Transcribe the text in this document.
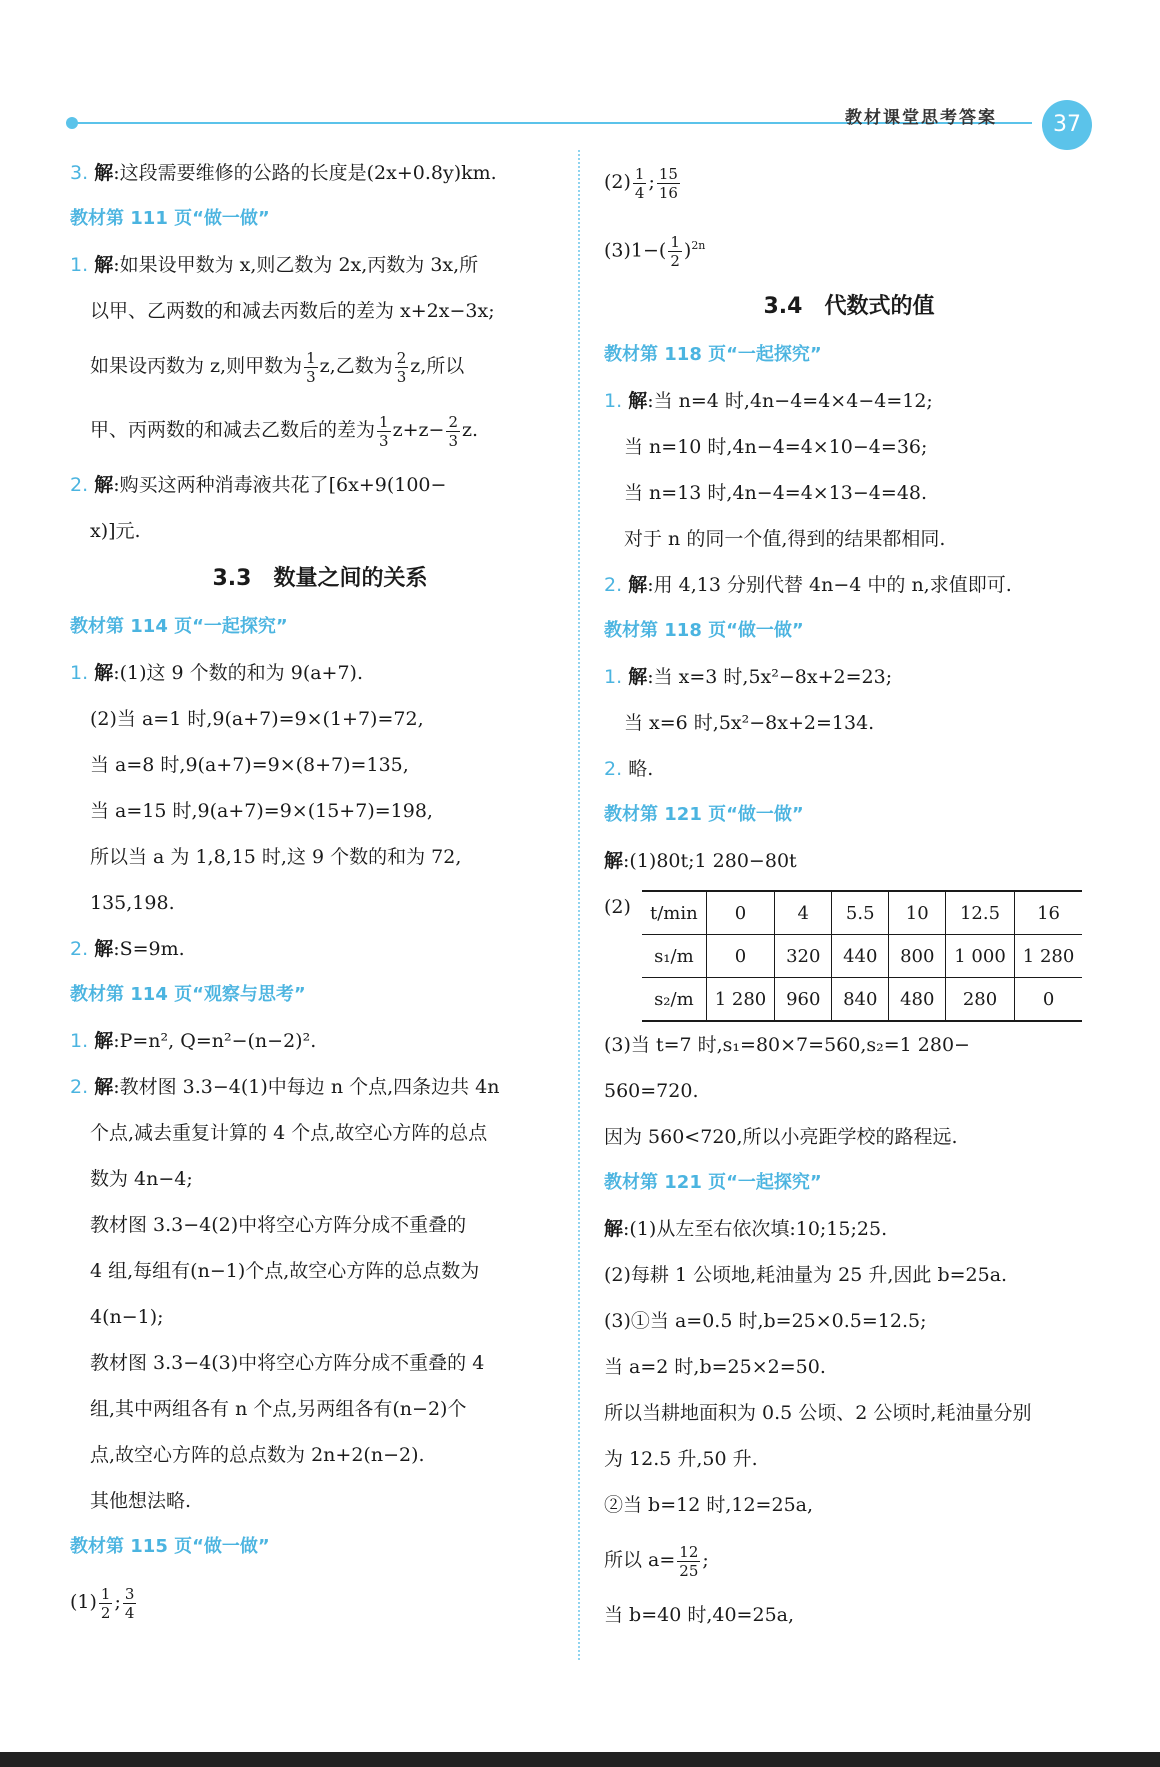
教材课堂思考答案	37
3. 解:这段需要维修的公路的长度是(2x+0.8y)km.
教材第 111 页“做一做”
1. 解:如果设甲数为 x,则乙数为 2x,丙数为 3x,所
以甲、乙两数的和减去丙数后的差为 x+2x−3x;
如果设丙数为 z,则甲数为 $\frac{1}{3} z$,乙数为 $\frac{2}{3} z$,所以
甲、丙两数的和减去乙数后的差为 $\frac{1}{3} z+z- \frac{2}{3} z$.
2. 解:购买这两种消毒液共花了[6x+9(100−
x)]元.
3.3　数量之间的关系
教材第 114 页“一起探究”
1. 解:(1)这 9 个数的和为 9(a+7).
(2)当 a=1 时,9(a+7)=9×(1+7)=72,
当 a=8 时,9(a+7)=9×(8+7)=135,
当 a=15 时,9(a+7)=9×(15+7)=198,
所以当 a 为 1,8,15 时,这 9 个数的和为 72,
135,198.
2. 解:S=9m.
教材第 114 页“观察与思考”
1. 解:P=n², Q=n²−(n−2)².
2. 解:教材图 3.3−4(1)中每边 n 个点,四条边共 4n
个点,减去重复计算的 4 个点,故空心方阵的总点
数为 4n−4;
教材图 3.3−4(2)中将空心方阵分成不重叠的
4 组,每组有(n−1)个点,故空心方阵的总点数为
4(n−1);
教材图 3.3−4(3)中将空心方阵分成不重叠的 4
组,其中两组各有 n 个点,另两组各有(n−2)个
点,故空心方阵的总点数为 2n+2(n−2).
其他想法略.
教材第 115 页“做一做”
$(1) \frac{1}{2}$ ; $\frac{3}{4}$
$(2) \frac{1}{4}$ ; $\frac{15}{16}$
$(3)1-( \frac{1}{2} )^{2n}$
3.4　代数式的值
教材第 118 页“一起探究”
1. 解:当 n=4 时,4n−4=4×4−4=12;
当 n=10 时,4n−4=4×10−4=36;
当 n=13 时,4n−4=4×13−4=48.
对于 n 的同一个值,得到的结果都相同.
2. 解:用 4,13 分别代替 4n−4 中的 n,求值即可.
教材第 118 页“做一做”
1. 解:当 x=3 时,5x²−8x+2=23;
当 x=6 时,5x²−8x+2=134.
2. 略.
教材第 121 页“做一做”
解:(1)80t;1 280−80t
(2)	t/min	0	4	5.5	10	12.5	16
s₁/m	0	320	440	800	1 000	1 280
s₂/m	1 280	960	840	480	280	0
(3)当 t=7 时,s₁=80×7=560,s₂=1 280−
560=720.
因为 560<720,所以小亮距学校的路程远.
教材第 121 页“一起探究”
解:(1)从左至右依次填:10;15;25.
(2)每耕 1 公顷地,耗油量为 25 升,因此 b=25a.
(3)①当 a=0.5 时,b=25×0.5=12.5;
当 a=2 时,b=25×2=50.
所以当耕地面积为 0.5 公顷、2 公顷时,耗油量分别
为 12.5 升,50 升.
②当 b=12 时,12=25a,
所以 $a= \frac{12}{25}$ ;
当 b=40 时,40=25a,
